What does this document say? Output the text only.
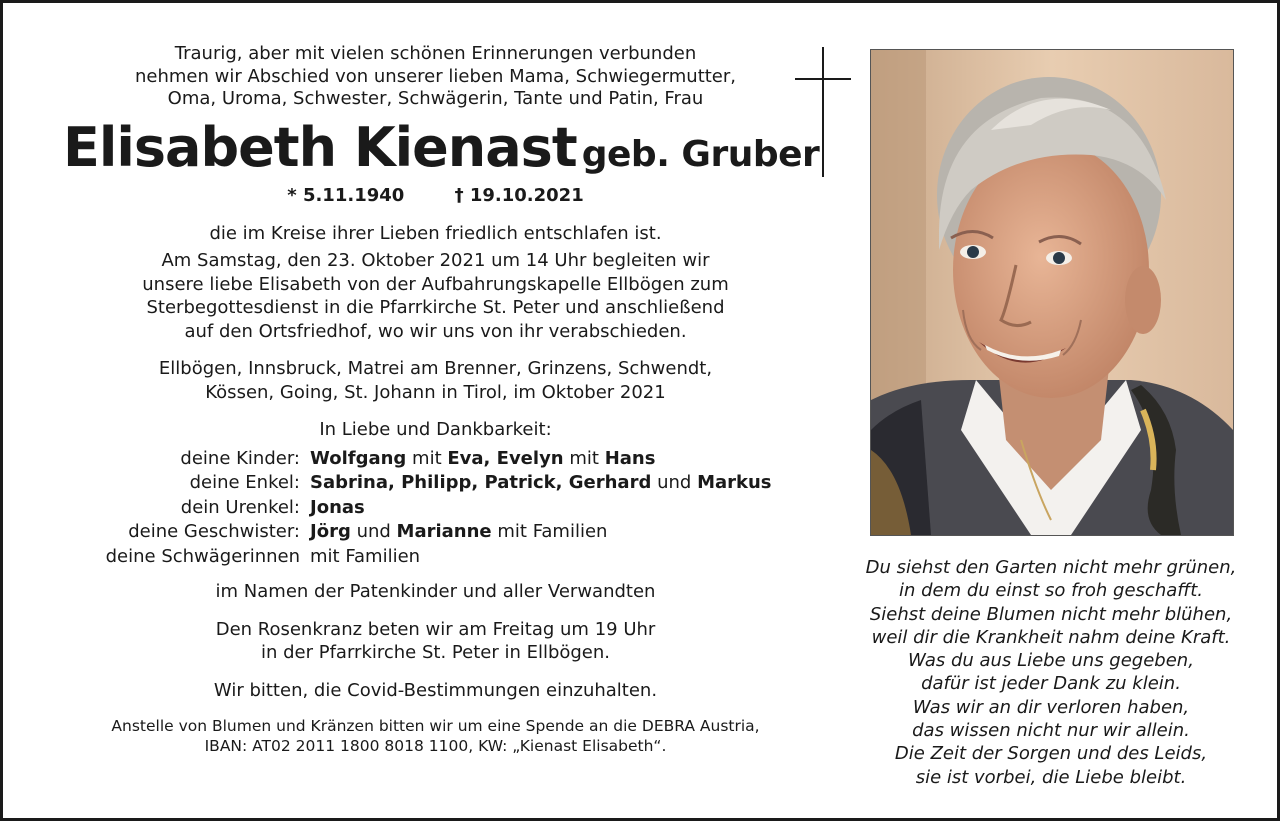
Traurig, aber mit vielen schönen Erinnerungen verbunden

nehmen wir Abschied von unserer lieben Mama, Schwiegermutter,

Oma, Uroma, Schwester, Schwägerin, Tante und Patin, Frau

Elisabeth Kienast geb. Gruber
* 5.11.1940	† 19.10.2021

die im Kreise ihrer Lieben friedlich entschlafen ist.

Am Samstag, den 23. Oktober 2021 um 14 Uhr begleiten wir

unsere liebe Elisabeth von der Aufbahrungskapelle Ellbögen zum

Sterbegottesdienst in die Pfarrkirche St. Peter und anschließend

auf den Ortsfriedhof, wo wir uns von ihr verabschieden.

Ellbögen, Innsbruck, Matrei am Brenner, Grinzens, Schwendt,

Kössen, Going, St. Johann in Tirol, im Oktober 2021

In Liebe und Dankbarkeit:

deine Kinder: Wolfgang mit Eva, Evelyn mit Hans
deine Enkel: Sabrina, Philipp, Patrick, Gerhard und Markus
dein Urenkel: Jonas
deine Geschwister: Jörg und Marianne mit Familien
deine Schwägerinnen mit Familien

im Namen der Patenkinder und aller Verwandten

Den Rosenkranz beten wir am Freitag um 19 Uhr

in der Pfarrkirche St. Peter in Ellbögen.

Wir bitten, die Covid-Bestimmungen einzuhalten.

Anstelle von Blumen und Kränzen bitten wir um eine Spende an die DEBRA Austria,

IBAN: AT02 2011 1800 8018 1100, KW: „Kienast Elisabeth“.

Du siehst den Garten nicht mehr grünen,
in dem du einst so froh geschafft.
Siehst deine Blumen nicht mehr blühen,
weil dir die Krankheit nahm deine Kraft.
Was du aus Liebe uns gegeben,
dafür ist jeder Dank zu klein.
Was wir an dir verloren haben,
das wissen nicht nur wir allein.
Die Zeit der Sorgen und des Leids,
sie ist vorbei, die Liebe bleibt.
